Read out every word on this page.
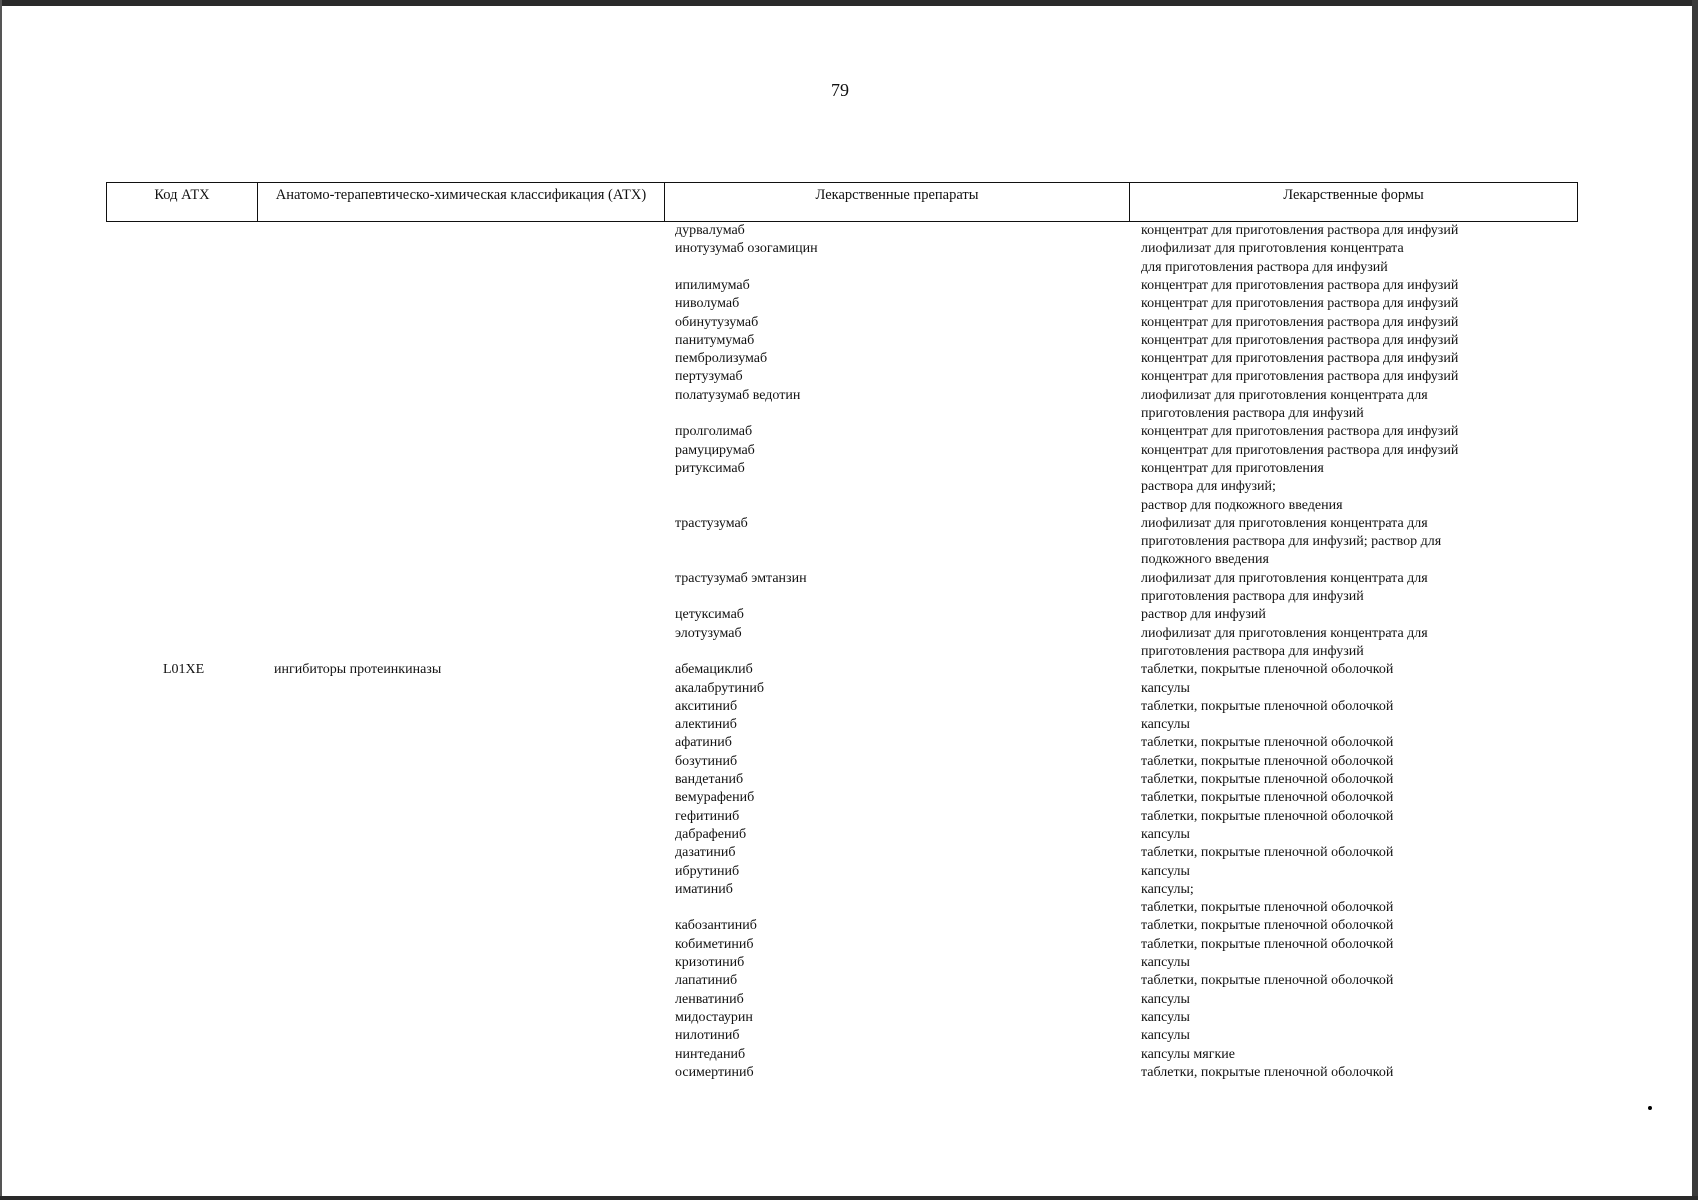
79
Код АТХ	Анатомо-терапевтическо-химическая классификация (АТХ)	Лекарственные препараты	Лекарственные формы
дурвалумаб	концентрат для приготовления раствора для инфузий
инотузумаб озогамицин	лиофилизат для приготовления концентрата
для приготовления раствора для инфузий
ипилимумаб	концентрат для приготовления раствора для инфузий
ниволумаб	концентрат для приготовления раствора для инфузий
обинутузумаб	концентрат для приготовления раствора для инфузий
панитумумаб	концентрат для приготовления раствора для инфузий
пембролизумаб	концентрат для приготовления раствора для инфузий
пертузумаб	концентрат для приготовления раствора для инфузий
полатузумаб ведотин	лиофилизат для приготовления концентрата для
приготовления раствора для инфузий
пролголимаб	концентрат для приготовления раствора для инфузий
рамуцирумаб	концентрат для приготовления раствора для инфузий
ритуксимаб	концентрат для приготовления
раствора для инфузий;
раствор для подкожного введения
трастузумаб	лиофилизат для приготовления концентрата для
приготовления раствора для инфузий; раствор для
подкожного введения
трастузумаб эмтанзин	лиофилизат для приготовления концентрата для
приготовления раствора для инфузий
цетуксимаб	раствор для инфузий
элотузумаб	лиофилизат для приготовления концентрата для
приготовления раствора для инфузий
L01XE	ингибиторы протеинкиназы	абемациклиб	таблетки, покрытые пленочной оболочкой
акалабрутиниб	капсулы
акситиниб	таблетки, покрытые пленочной оболочкой
алектиниб	капсулы
афатиниб	таблетки, покрытые пленочной оболочкой
бозутиниб	таблетки, покрытые пленочной оболочкой
вандетаниб	таблетки, покрытые пленочной оболочкой
вемурафениб	таблетки, покрытые пленочной оболочкой
гефитиниб	таблетки, покрытые пленочной оболочкой
дабрафениб	капсулы
дазатиниб	таблетки, покрытые пленочной оболочкой
ибрутиниб	капсулы
иматиниб	капсулы;
таблетки, покрытые пленочной оболочкой
кабозантиниб	таблетки, покрытые пленочной оболочкой
кобиметиниб	таблетки, покрытые пленочной оболочкой
кризотиниб	капсулы
лапатиниб	таблетки, покрытые пленочной оболочкой
ленватиниб	капсулы
мидостаурин	капсулы
нилотиниб	капсулы
нинтеданиб	капсулы мягкие
осимертиниб	таблетки, покрытые пленочной оболочкой
